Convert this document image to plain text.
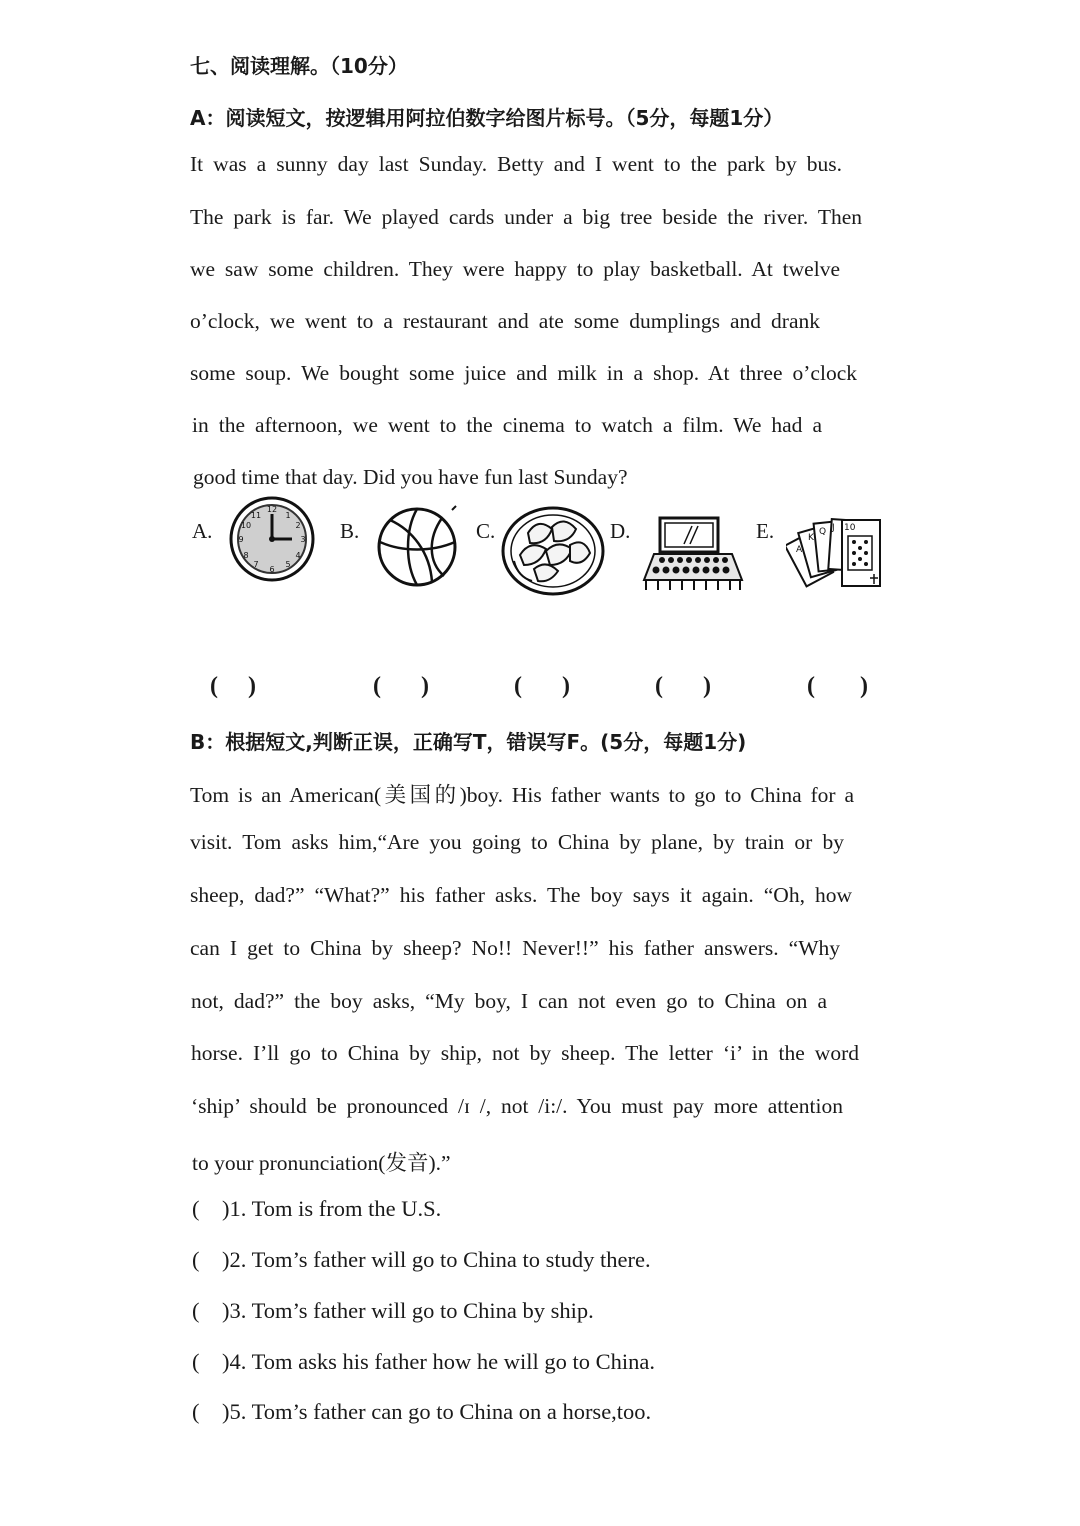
七、阅读理解。（10分）
A：阅读短文，按逻辑用阿拉伯数字给图片标号。（5分，每题1分）
It was a sunny day last Sunday. Betty and I went to the park by bus.
The park is far. We played cards under a big tree beside the river. Then
we saw some children. They were happy to play basketball. At twelve
o’clock, we went to a restaurant and ate some dumplings and drank
some soup. We bought some juice and milk in a shop. At three o’clock
in the afternoon, we went to the cinema to watch a film. We had a
good time that day. Did you have fun last Sunday?
A.	B.	C.	D.	E.
12
3
6
9
1
2
4
5
7
8
10
11
10
J
Q
K
A
( )	( )	( )	( )	( )
B：根据短文,判断正误，正确写T，错误写F。(5分，每题1分)
Tom is an American(美国的)boy. His father wants to go to China for a
visit. Tom asks him,“Are you going to China by plane, by train or by
sheep, dad?” “What?” his father asks. The boy says it again. “Oh, how
can I get to China by sheep? No!! Never!!” his father answers. “Why
not, dad?” the boy asks, “My boy, I can not even go to China on a
horse. I’ll go to China by ship, not by sheep. The letter ‘i’ in the word
‘ship’ should be pronounced /ɪ /, not /i:/. You must pay more attention
to your pronunciation(发音).”
(    )1. Tom is from the U.S.
(    )2. Tom’s father will go to China to study there.
(    )3. Tom’s father will go to China by ship.
(    )4. Tom asks his father how he will go to China.
(    )5. Tom’s father can go to China on a horse,too.
